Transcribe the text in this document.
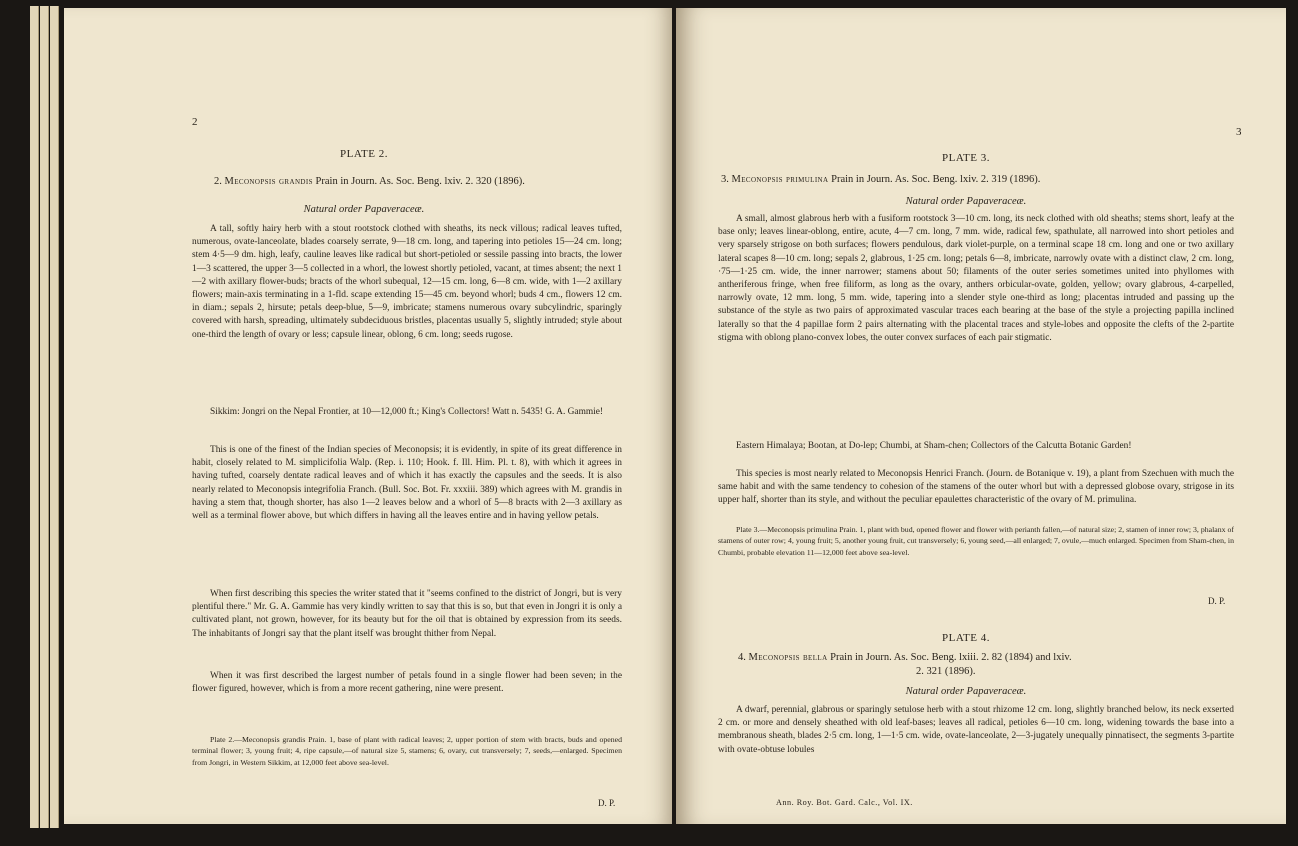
2
PLATE 2.
2. Meconopsis grandis Prain in Journ. As. Soc. Beng. lxiv. 2. 320 (1896).
Natural order Papaveraceæ.

A tall, softly hairy herb with a stout rootstock clothed with sheaths, its neck villous; radical leaves tufted, numerous, ovate-lanceolate, blades coarsely serrate, 9—18 cm. long, and tapering into petioles 15—24 cm. long; stem 4·5—9 dm. high, leafy, cauline leaves like radical but short-petioled or sessile passing into bracts, the lower 1—3 scattered, the upper 3—5 collected in a whorl, the lowest shortly petioled, vacant, at times absent; the next 1—2 with axillary flower-buds; bracts of the whorl subequal, 12—15 cm. long, 6—8 cm. wide, with 1—2 axillary flowers; main-axis terminating in a 1-fld. scape extending 15—45 cm. beyond whorl; buds 4 cm., flowers 12 cm. in diam.; sepals 2, hirsute; petals deep-blue, 5—9, imbricate; stamens numerous ovary subcylindric, sparingly covered with harsh, spreading, ultimately subdeciduous bristles, placentas usually 5, slightly intruded; style about one-third the length of ovary or less; capsule linear, oblong, 6 cm. long; seeds rugose.

Sikkim: Jongri on the Nepal Frontier, at 10—12,000 ft.; King's Collectors! Watt n. 5435! G. A. Gammie!

This is one of the finest of the Indian species of Meconopsis; it is evidently, in spite of its great difference in habit, closely related to M. simplicifolia Walp. (Rep. i. 110; Hook. f. Ill. Him. Pl. t. 8), with which it agrees in having tufted, coarsely dentate radical leaves and of which it has exactly the capsules and the seeds. It is also nearly related to Meconopsis integrifolia Franch. (Bull. Soc. Bot. Fr. xxxiii. 389) which agrees with M. grandis in having a stem that, though shorter, has also 1—2 leaves below and a whorl of 5—8 bracts with 2—3 axillary as well as a terminal flower above, but which differs in having all the leaves entire and in having yellow petals.

When first describing this species the writer stated that it "seems confined to the district of Jongri, but is very plentiful there." Mr. G. A. Gammie has very kindly written to say that this is so, but that even in Jongri it is only a cultivated plant, not grown, however, for its beauty but for the oil that is obtained by expression from its seeds. The inhabitants of Jongri say that the plant itself was brought thither from Nepal.

When it was first described the largest number of petals found in a single flower had been seven; in the flower figured, however, which is from a more recent gathering, nine were present.

Plate 2.—Meconopsis grandis Prain. 1, base of plant with radical leaves; 2, upper portion of stem with bracts, buds and opened terminal flower; 3, young fruit; 4, ripe capsule,—of natural size 5, stamens; 6, ovary, cut transversely; 7, seeds,—enlarged. Specimen from Jongri, in Western Sikkim, at 12,000 feet above sea-level.

D. P.
3
PLATE 3.
3. Meconopsis primulina Prain in Journ. As. Soc. Beng. lxiv. 2. 319 (1896).
Natural order Papaveraceæ.

A small, almost glabrous herb with a fusiform rootstock 3—10 cm. long, its neck clothed with old sheaths; stems short, leafy at the base only; leaves linear-oblong, entire, acute, 4—7 cm. long, 7 mm. wide, radical few, spathulate, all narrowed into short petioles and very sparsely strigose on both surfaces; flowers pendulous, dark violet-purple, on a terminal scape 18 cm. long and one or two axillary lateral scapes 8—10 cm. long; sepals 2, glabrous, 1·25 cm. long; petals 6—8, imbricate, narrowly ovate with a distinct claw, 2 cm. long, ·75—1·25 cm. wide, the inner narrower; stamens about 50; filaments of the outer series sometimes united into phyllomes with antheriferous fringe, when free filiform, as long as the ovary, anthers orbicular-ovate, golden, yellow; ovary glabrous, 4-carpelled, narrowly ovate, 12 mm. long, 5 mm. wide, tapering into a slender style one-third as long; placentas intruded and passing up the substance of the style as two pairs of approximated vascular traces each bearing at the base of the style a projecting papilla inclined laterally so that the 4 papillae form 2 pairs alternating with the placental traces and style-lobes and opposite the clefts of the 2-partite stigma with oblong plano-convex lobes, the outer convex surfaces of each pair stigmatic.

Eastern Himalaya; Bootan, at Do-lep; Chumbi, at Sham-chen; Collectors of the Calcutta Botanic Garden!

This species is most nearly related to Meconopsis Henrici Franch. (Journ. de Botanique v. 19), a plant from Szechuen with much the same habit and with the same tendency to cohesion of the stamens of the outer whorl but with a depressed globose ovary, strigose in its upper half, shorter than its style, and without the peculiar epaulettes characteristic of the ovary of M. primulina.

Plate 3.—Meconopsis primulina Prain. 1, plant with bud, opened flower and flower with perianth fallen,—of natural size; 2, stamen of inner row; 3, phalanx of stamens of outer row; 4, young fruit; 5, another young fruit, cut transversely; 6, young seed,—all enlarged; 7, ovule,—much enlarged. Specimen from Sham-chen, in Chumbi, probable elevation 11—12,000 feet above sea-level.

D. P.
PLATE 4.
4. Meconopsis bella Prain in Journ. As. Soc. Beng. lxiii. 2. 82 (1894) and lxiv.
2. 321 (1896).
Natural order Papaveraceæ.

A dwarf, perennial, glabrous or sparingly setulose herb with a stout rhizome 12 cm. long, slightly branched below, its neck exserted 2 cm. or more and densely sheathed with old leaf-bases; leaves all radical, petioles 6—10 cm. long, widening towards the base into a membranous sheath, blades 2·5 cm. long, 1—1·5 cm. wide, ovate-lanceolate, 2—3-jugately unequally pinnatisect, the segments 3-partite with ovate-obtuse lobules

Ann. Roy. Bot. Gard. Calc., Vol. IX.
